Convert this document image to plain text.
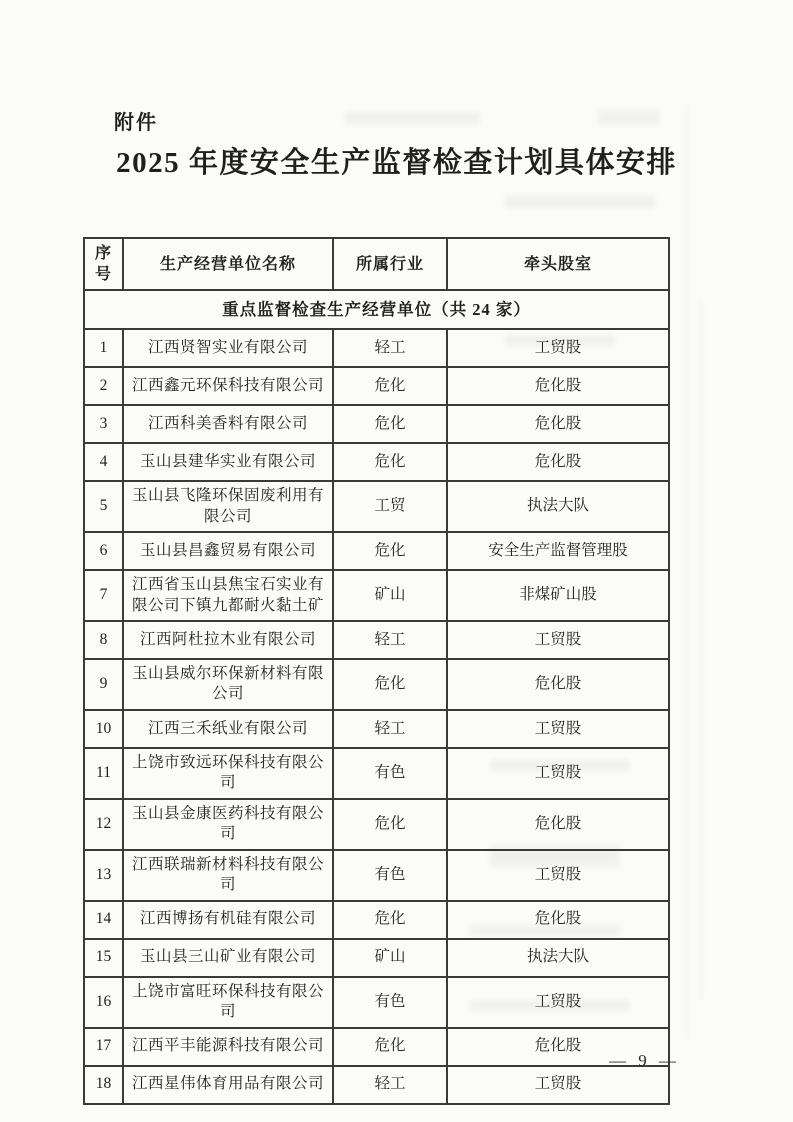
附件
2025 年度安全生产监督检查计划具体安排
序号	生产经营单位名称	所属行业	牵头股室
重点监督检查生产经营单位（共 24 家）			
1	江西贤智实业有限公司	轻工	工贸股
2	江西鑫元环保科技有限公司	危化	危化股
3	江西科美香料有限公司	危化	危化股
4	玉山县建华实业有限公司	危化	危化股
5	玉山县飞隆环保固废利用有限公司	工贸	执法大队
6	玉山县昌鑫贸易有限公司	危化	安全生产监督管理股
7	江西省玉山县焦宝石实业有限公司下镇九都耐火黏土矿	矿山	非煤矿山股
8	江西阿杜拉木业有限公司	轻工	工贸股
9	玉山县威尔环保新材料有限公司	危化	危化股
10	江西三禾纸业有限公司	轻工	工贸股
11	上饶市致远环保科技有限公司	有色	工贸股
12	玉山县金康医药科技有限公司	危化	危化股
13	江西联瑞新材料科技有限公司	有色	工贸股
14	江西博扬有机硅有限公司	危化	危化股
15	玉山县三山矿业有限公司	矿山	执法大队
16	上饶市富旺环保科技有限公司	有色	工贸股
17	江西平丰能源科技有限公司	危化	危化股
18	江西星伟体育用品有限公司	轻工	工贸股
— 9 —
